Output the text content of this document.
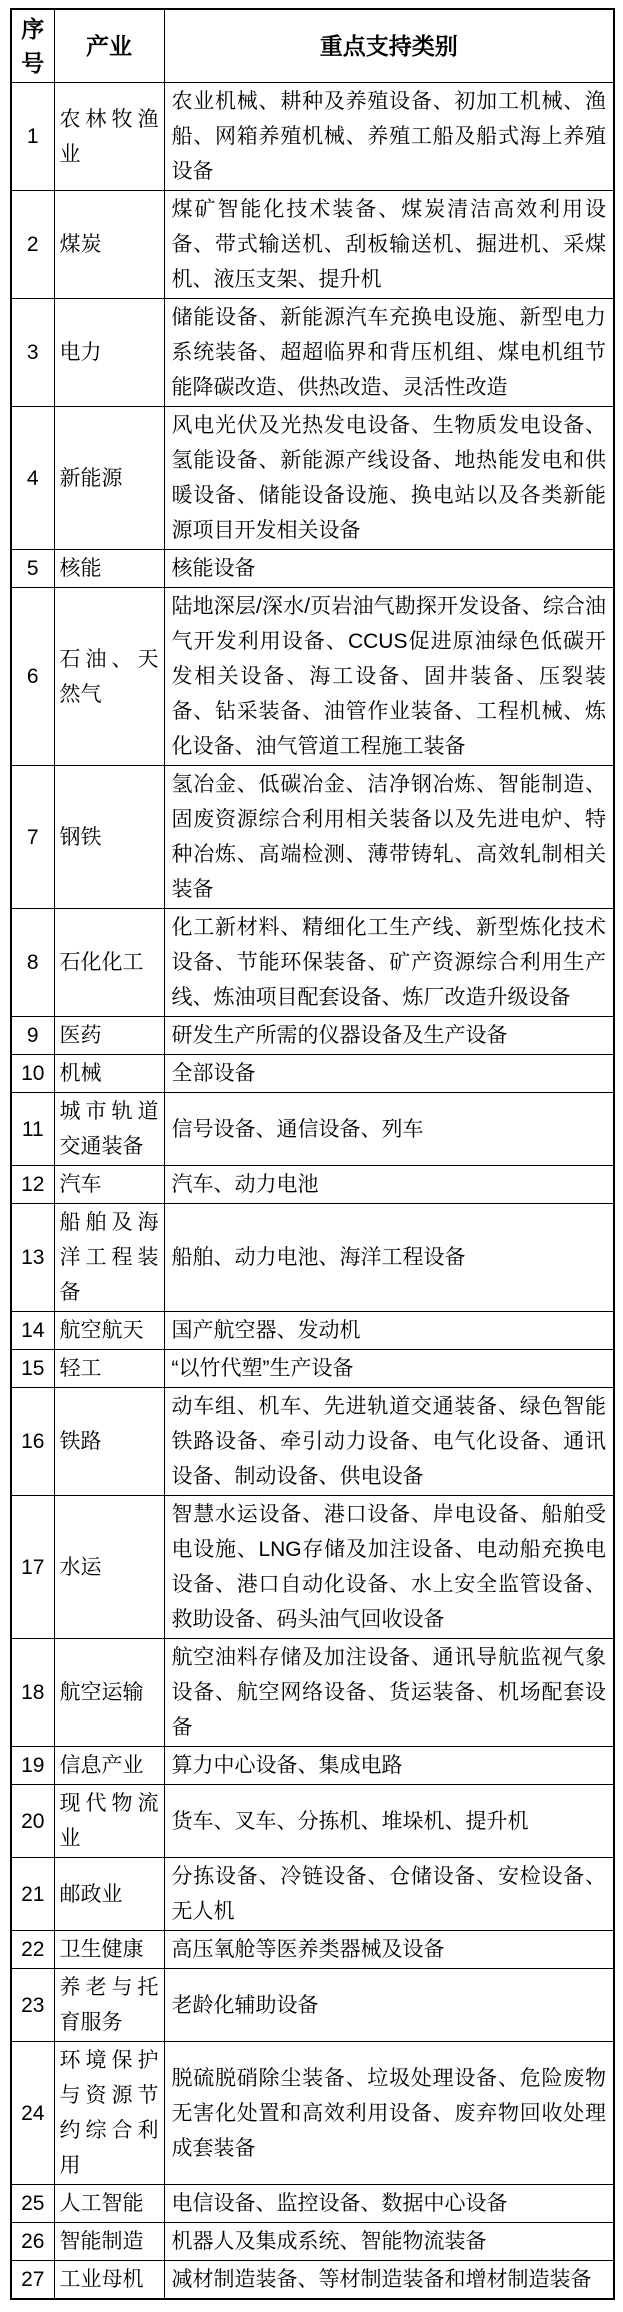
序号	产业	重点支持类别
1	农林牧渔业	农业机械、耕种及养殖设备、初加工机械、渔船、网箱养殖机械、养殖工船及船式海上养殖设备
2	煤炭	煤矿智能化技术装备、煤炭清洁高效利用设备、带式输送机、刮板输送机、掘进机、采煤机、液压支架、提升机
3	电力	储能设备、新能源汽车充换电设施、新型电力系统装备、超超临界和背压机组、煤电机组节能降碳改造、供热改造、灵活性改造
4	新能源	风电光伏及光热发电设备、生物质发电设备、氢能设备、新能源产线设备、地热能发电和供暖设备、储能设备设施、换电站以及各类新能源项目开发相关设备
5	核能	核能设备
6	石油、天然气	陆地深层/深水/页岩油气勘探开发设备、综合油气开发利用设备、CCUS促进原油绿色低碳开发相关设备、海工设备、固井装备、压裂装备、钻采装备、油管作业装备、工程机械、炼化设备、油气管道工程施工装备
7	钢铁	氢冶金、低碳冶金、洁净钢冶炼、智能制造、固废资源综合利用相关装备以及先进电炉、特种冶炼、高端检测、薄带铸轧、高效轧制相关装备
8	石化化工	化工新材料、精细化工生产线、新型炼化技术设备、节能环保装备、矿产资源综合利用生产线、炼油项目配套设备、炼厂改造升级设备
9	医药	研发生产所需的仪器设备及生产设备
10	机械	全部设备
11	城市轨道交通装备	信号设备、通信设备、列车
12	汽车	汽车、动力电池
13	船舶及海洋工程装备	船舶、动力电池、海洋工程设备
14	航空航天	国产航空器、发动机
15	轻工	“以竹代塑”生产设备
16	铁路	动车组、机车、先进轨道交通装备、绿色智能铁路设备、牵引动力设备、电气化设备、通讯设备、制动设备、供电设备
17	水运	智慧水运设备、港口设备、岸电设备、船舶受电设施、LNG存储及加注设备、电动船充换电设备、港口自动化设备、水上安全监管设备、救助设备、码头油气回收设备
18	航空运输	航空油料存储及加注设备、通讯导航监视气象设备、航空网络设备、货运装备、机场配套设备
19	信息产业	算力中心设备、集成电路
20	现代物流业	货车、叉车、分拣机、堆垛机、提升机
21	邮政业	分拣设备、冷链设备、仓储设备、安检设备、无人机
22	卫生健康	高压氧舱等医养类器械及设备
23	养老与托育服务	老龄化辅助设备
24	环境保护与资源节约综合利用	脱硫脱硝除尘装备、垃圾处理设备、危险废物无害化处置和高效利用设备、废弃物回收处理成套装备
25	人工智能	电信设备、监控设备、数据中心设备
26	智能制造	机器人及集成系统、智能物流装备
27	工业母机	减材制造装备、等材制造装备和增材制造装备
